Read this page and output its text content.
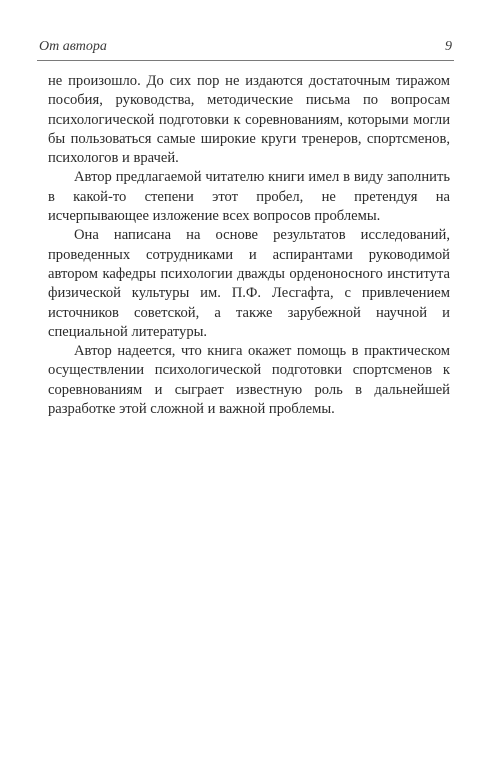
От автора	9

не произошло. До сих пор не издаются достаточным тиражом пособия, руководства, методические письма по вопросам психологической подготовки к соревнованиям, которыми могли бы пользоваться самые широкие круги тренеров, спортсменов, психологов и врачей.

Автор предлагаемой читателю книги имел в виду заполнить в какой-то степени этот пробел, не претендуя на исчерпывающее изложение всех вопросов проблемы.

Она написана на основе результатов исследований, проведенных сотрудниками и аспирантами руководимой автором кафедры психологии дважды орденоносного института физической культуры им. П.Ф. Лесгафта, с привлечением источников советской, а также зарубежной научной и специальной литературы.

Автор надеется, что книга окажет помощь в практическом осуществлении психологической подготовки спортсменов к соревнованиям и сыграет известную роль в дальнейшей разработке этой сложной и важной проблемы.
